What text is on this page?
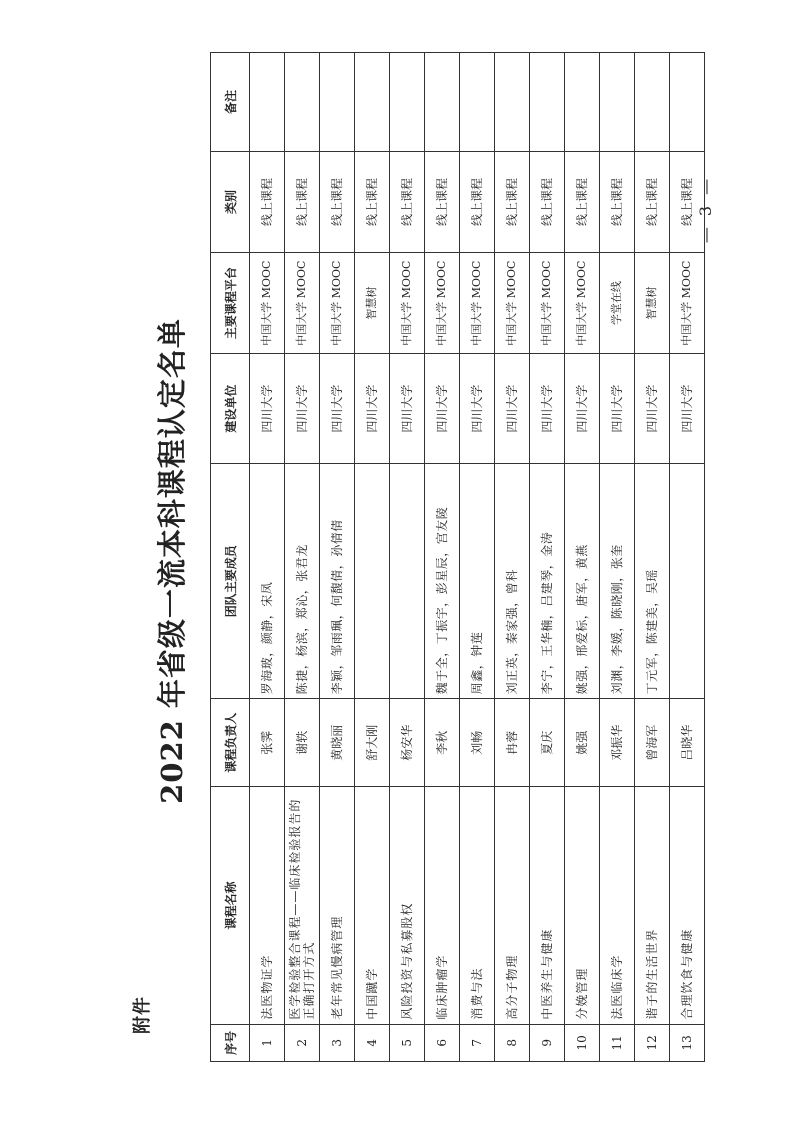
附件
2022 年省级一流本科课程认定名单
序号	课程名称	课程负责人	团队主要成员	建设单位	主要课程平台	类别	备注
1	法医物证学	张霁	罗海玻，颜静，宋凤	四川大学	中国大学 MOOC	线上课程	
2	医学检验整合课程——临床检验报告的正确打开方式	谢轶	陈捷，杨滨，郑沁，张君龙	四川大学	中国大学 MOOC	线上课程	
3	老年常见慢病管理	黄晓丽	李颖，邹雨珮，何馥倩，孙倩倩	四川大学	中国大学 MOOC	线上课程	
4	中国蹴学	舒大刚		四川大学	智慧树	线上课程	
5	风险投资与私募股权	杨安华		四川大学	中国大学 MOOC	线上课程	
6	临床肿瘤学	李秋	魏于全，丁振宇，彭星辰，宫友陵	四川大学	中国大学 MOOC	线上课程	
7	消费与法	刘畅	周鑫，钟莲	四川大学	中国大学 MOOC	线上课程	
8	高分子物理	冉蓉	刘正英，秦家强，曾科	四川大学	中国大学 MOOC	线上课程	
9	中医养生与健康	夏庆	李宁，王华楠，吕建琴，金涛	四川大学	中国大学 MOOC	线上课程	
10	分娩管理	姚强	姚强，邢爱标，唐军，黄燕	四川大学	中国大学 MOOC	线上课程	
11	法医临床学	邓振华	刘渊，李媛，陈晓刚，张奎	四川大学	学堂在线	线上课程	
12	谐子的生活世界	曾海军	丁元军，陈建美，吴瑶	四川大学	智慧树	线上课程	
13	合理饮食与健康	吕晓华		四川大学	中国大学 MOOC	线上课程	— 3 —
